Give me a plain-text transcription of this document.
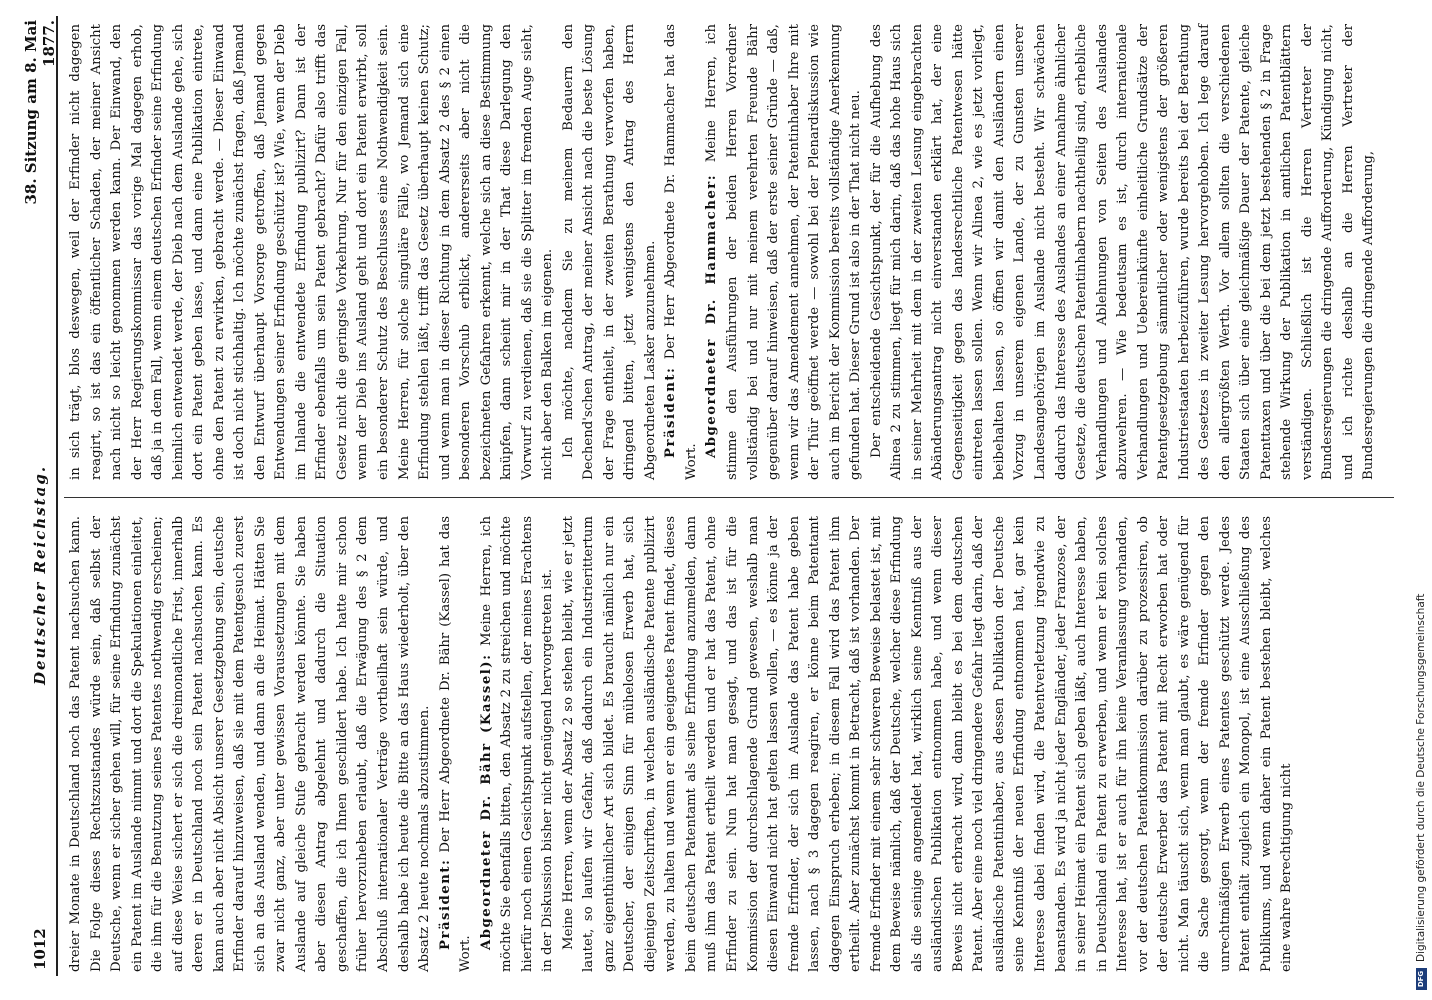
1012
Deutscher Reichstag.
38. Sitzung am 8. Mai 1877.

dreier Monate in Deutschland noch das Patent nachsuchen kann. Die Folge dieses Rechtszustandes würde sein, daß selbst der Deutsche, wenn er sicher gehen will, für seine Erfindung zunächst ein Patent im Auslande nimmt und dort die Spekulationen einleitet, die ihm für die Benutzung seines Patentes nothwendig erscheinen; auf diese Weise sichert er sich die dreimonatliche Frist, innerhalb deren er in Deutschland noch sein Patent nachsuchen kann. Es kann auch aber nicht Absicht unserer Gesetzgebung sein, deutsche Erfinder darauf hinzuweisen, daß sie mit dem Patentgesuch zuerst sich an das Ausland wenden, und dann an die Heimat. Hätten Sie zwar nicht ganz, aber unter gewissen Voraussetzungen mit dem Auslande auf gleiche Stufe gebracht werden könnte. Sie haben aber diesen Antrag abgelehnt und dadurch die Situation geschaffen, die ich Ihnen geschildert habe. Ich hatte mir schon früher hervorzuheben erlaubt, daß die Erwägung des § 2 dem Abschluß internationaler Verträge vortheilhaft sein würde, und deshalb habe ich heute die Bitte an das Haus wiederholt, über den Absatz 2 heute nochmals abzustimmen. Präsident: Der Herr Abgeordnete Dr. Bähr (Kassel) hat das Wort.

Abgeordneter Dr. Bähr (Kassel): Meine Herren, ich möchte Sie ebenfalls bitten, den Absatz 2 zu streichen und möchte hierfür noch einen Gesichtspunkt aufstellen, der meines Erachtens in der Diskussion bisher nicht genügend hervorgetreten ist. Meine Herren, wenn der Absatz 2 so stehen bleibt, wie er jetzt lautet, so laufen wir Gefahr, daß dadurch ein Industrierittertum ganz eigenthümlicher Art sich bildet. Es braucht nämlich nur ein Deutscher, der einigen Sinn für mühelosen Erwerb hat, sich diejenigen Zeitschriften, in welchen ausländische Patente publizirt werden, zu halten und wenn er ein geeignetes Patent findet, dieses beim deutschen Patentamt als seine Erfindung anzumelden, dann muß ihm das Patent ertheilt werden und er hat das Patent, ohne Erfinder zu sein. Nun hat man gesagt, und das ist für die Kommission der durchschlagende Grund gewesen, weshalb man diesen Einwand nicht hat gelten lassen wollen, — es könne ja der fremde Erfinder, der sich im Auslande das Patent habe geben lassen, nach § 3 dagegen reagiren, er könne beim Patentamt dagegen Einspruch erheben; in diesem Fall wird das Patent ihm ertheilt. Aber zunächst kommt in Betracht, daß ist vorhanden. Der fremde Erfinder mit einem sehr schweren Beweise belastet ist, mit dem Beweise nämlich, daß der Deutsche, welcher diese Erfindung als die seinige angemeldet hat, wirklich seine Kenntniß aus der ausländischen Publikation entnommen habe, und wenn dieser Beweis nicht erbracht wird, dann bleibt es bei dem deutschen Patent. Aber eine noch viel dringendere Gefahr liegt darin, daß der ausländische Patentinhaber, aus dessen Publikation der Deutsche seine Kenntniß der neuen Erfindung entnommen hat, gar kein Interesse dabei finden wird, die Patentverletzung irgendwie zu beanstanden. Es wird ja nicht jeder Engländer, jeder Franzose, der in seiner Heimat ein Patent sich geben läßt, auch Interesse haben, in Deutschland ein Patent zu erwerben, und wenn er kein solches Interesse hat, ist er auch für ihn keine Veranlassung vorhanden, vor der deutschen Patentkommission darüber zu prozessiren, ob der deutsche Erwerber das Patent mit Recht erworben hat oder nicht. Man täuscht sich, wenn man glaubt, es wäre genügend für die Sache gesorgt, wenn der fremde Erfinder gegen den unrechtmäßigen Erwerb eines Patentes geschützt werde. Jedes Patent enthält zugleich ein Monopol, ist eine Ausschließung des Publikums, und wenn daher ein Patent bestehen bleibt, welches eine wahre Berechtigung nicht

in sich trägt, blos deswegen, weil der Erfinder nicht dagegen reagirt, so ist das ein öffentlicher Schaden, der meiner Ansicht nach nicht so leicht genommen werden kann. Der Einwand, den der Herr Regierungskommissar das vorige Mal dagegen erhob, daß ja in dem Fall, wenn einem deutschen Erfinder seine Erfindung heimlich entwendet werde, der Dieb nach dem Auslande gehe, sich dort ein Patent geben lasse, und dann eine Publikation eintrete, ohne den Patent zu erwirken, gebracht werde. — Dieser Einwand ist doch nicht stichhaltig. Ich möchte zunächst fragen, daß Jemand den Entwurf überhaupt Vorsorge getroffen, daß Jemand gegen Entwendungen seiner Erfindung geschützt ist? Wie, wenn der Dieb im Inlande die entwendete Erfindung publizirt? Dann ist der Erfinder ebenfalls um sein Patent gebracht? Dafür also trifft das Gesetz nicht die geringste Vorkehrung. Nur für den einzigen Fall, wenn der Dieb ins Ausland geht und dort ein Patent erwirbt, soll ein besonderer Schutz des Beschlusses eine Nothwendigkeit sein. Meine Herren, für solche singuläre Fälle, wo Jemand sich eine Erfindung stehlen läßt, trifft das Gesetz überhaupt keinen Schutz; und wenn man in dieser Richtung in dem Absatz 2 des § 2 einen besonderen Vorschub erblickt, andererseits aber nicht die bezeichneten Gefahren erkennt, welche sich an diese Bestimmung knüpfen, dann scheint mir in der That diese Darlegung den Vorwurf zu verdienen, daß sie die Splitter im fremden Auge sieht, nicht aber den Balken im eigenen. Ich möchte, nachdem Sie zu meinem Bedauern den Dechend'schen Antrag, der meiner Ansicht nach die beste Lösung der Frage enthielt, in der zweiten Berathung verworfen haben, dringend bitten, jetzt wenigstens den Antrag des Herrn Abgeordneten Lasker anzunehmen. Präsident: Der Herr Abgeordnete Dr. Hammacher hat das Wort.

Abgeordneter Dr. Hammacher: Meine Herren, ich stimme den Ausführungen der beiden Herren Vorredner vollständig bei und nur mit meinem verehrten Freunde Bähr gegenüber darauf hinweisen, daß der erste seiner Gründe — daß, wenn wir das Amendement annehmen, der Patentinhaber Ihre mit der Thür geöffnet werde — sowohl bei der Plenardiskussion wie auch im Bericht der Kommission bereits vollständige Anerkennung gefunden hat. Dieser Grund ist also in der That nicht neu. Der entscheidende Gesichtspunkt, der für die Aufhebung des Alinea 2 zu stimmen, liegt für mich darin, daß das hohe Haus sich in seiner Mehrheit mit dem in der zweiten Lesung eingebrachten Abänderungsantrag nicht einverstanden erklärt hat, der eine Gegenseitigkeit gegen das landesrechtliche Patentwesen hätte eintreten lassen sollen. Wenn wir Alinea 2, wie es jetzt vorliegt, beibehalten lassen, so öffnen wir damit den Ausländern einen Vorzug in unserem eigenen Lande, der zu Gunsten unserer Landesangehörigen im Auslande nicht besteht. Wir schwächen dadurch das Interesse des Auslandes an einer Annahme ähnlicher Gesetze, die deutschen Patentinhabern nachtheilig sind, erhebliche Verhandlungen und Ablehnungen von Seiten des Auslandes abzuwehren. — Wie bedeutsam es ist, durch internationale Verhandlungen und Uebereinkünfte einheitliche Grundsätze der Patentgesetzgebung sämmtlicher oder wenigstens der größeren Industriestaaten herbeizuführen, wurde bereits bei der Berathung des Gesetzes in zweiter Lesung hervorgehoben. Ich lege darauf den allergrößten Werth. Vor allem sollten die verschiedenen Staaten sich über eine gleichmäßige Dauer der Patente, gleiche Patenttaxen und über die bei dem jetzt bestehenden § 2 in Frage stehende Wirkung der Publikation in amtlichen Patentblättern verständigen. Schließlich ist die Herren Vertreter der Bundesregierungen die dringende Aufforderung, Kündigung nicht, und ich richte deshalb an die Herren Vertreter der Bundesregierungen die dringende Aufforderung,

DFG
Digitalisierung gefördert durch die Deutsche Forschungsgemeinschaft
